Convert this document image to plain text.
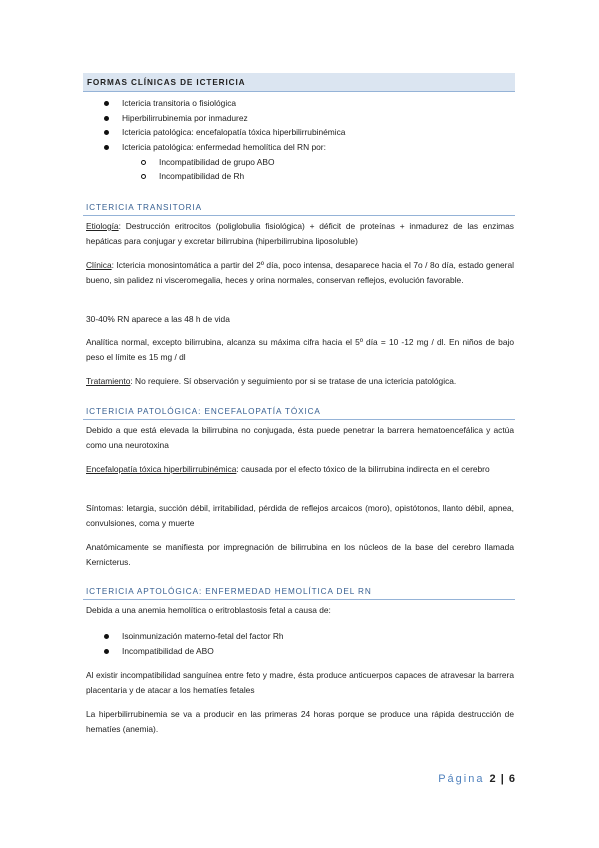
FORMAS CLÍNICAS DE ICTERICIA
Ictericia transitoria o fisiológica
Hiperbilirrubinemia por inmadurez
Ictericia patológica: encefalopatía tóxica hiperbilirrubinémica
Ictericia patológica: enfermedad hemolítica del RN por:
Incompatibilidad de grupo ABO
Incompatibilidad de Rh
ICTERICIA TRANSITORIA

Etiología: Destrucción eritrocitos (poliglobulia fisiológica) + déficit de proteínas + inmadurez de las enzimas hepáticas para conjugar y excretar bilirrubina (hiperbilirrubina liposoluble)

Clínica: Ictericia monosintomática a partir del 2º día, poco intensa, desaparece hacia el 7o / 8o día, estado general bueno, sin palidez ni visceromegalia, heces y orina normales, conservan reflejos, evolución favorable.

30-40% RN aparece a las 48 h de vida

Analítica normal, excepto bilirrubina, alcanza su máxima cifra hacia el 5º día = 10 -12 mg / dl. En niños de bajo peso el límite es 15 mg / dl

Tratamiento: No requiere. Sí observación y seguimiento por si se tratase de una ictericia patológica.

ICTERICIA PATOLÓGICA: ENCEFALOPATÍA TÓXICA

Debido a que está elevada la bilirrubina no conjugada, ésta puede penetrar la barrera hematoencefálica y actúa como una neurotoxina

Encefalopatía tóxica hiperbilirrubinémica: causada por el efecto tóxico de la bilirrubina indirecta en el cerebro

Síntomas: letargia, succión débil, irritabilidad, pérdida de reflejos arcaicos (moro), opistótonos, llanto débil, apnea, convulsiones, coma y muerte

Anatómicamente se manifiesta por impregnación de bilirrubina en los núcleos de la base del cerebro llamada Kernicterus.

ICTERICIA APTOLÓGICA: ENFERMEDAD HEMOLÍTICA DEL RN

Debida a una anemia hemolítica o eritroblastosis fetal a causa de:

Isoinmunización materno-fetal del factor Rh
Incompatibilidad de ABO

Al existir incompatibilidad sanguínea entre feto y madre, ésta produce anticuerpos capaces de atravesar la barrera placentaria y de atacar a los hematíes fetales

La hiperbilirrubinemia se va a producir en las primeras 24 horas porque se produce una rápida destrucción de hematíes (anemia).

Página 2 | 6
